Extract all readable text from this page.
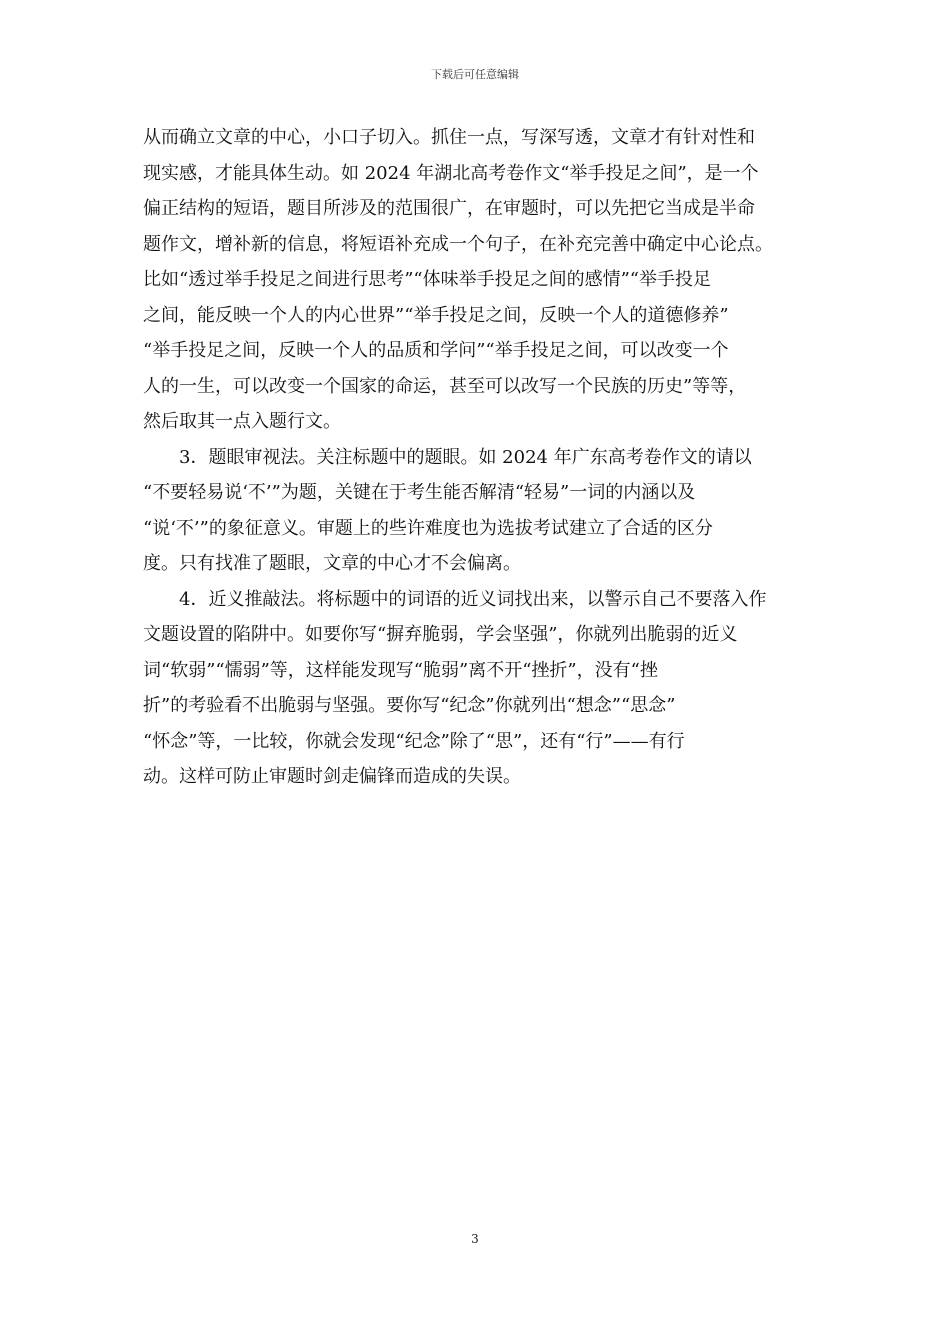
下载后可任意编辑

从而确立文章的中心，小口子切入。抓住一点，写深写透，文章才有针对性和
现实感，才能具体生动。如 2024 年湖北高考卷作文“举手投足之间”，是一个
偏正结构的短语，题目所涉及的范围很广，在审题时，可以先把它当成是半命
题作文，增补新的信息，将短语补充成一个句子，在补充完善中确定中心论点。
比如“透过举手投足之间进行思考”“体味举手投足之间的感情”“举手投足
之间，能反映一个人的内心世界”“举手投足之间，反映一个人的道德修养”
“举手投足之间，反映一个人的品质和学问”“举手投足之间，可以改变一个
人的一生，可以改变一个国家的命运，甚至可以改写一个民族的历史”等等，
然后取其一点入题行文。

3．题眼审视法。关注标题中的题眼。如 2024 年广东高考卷作文的请以
“不要轻易说‘不’”为题，关键在于考生能否解清“轻易”一词的内涵以及
“说‘不’”的象征意义。审题上的些许难度也为选拔考试建立了合适的区分
度。只有找准了题眼，文章的中心才不会偏离。

4．近义推敲法。将标题中的词语的近义词找出来，以警示自己不要落入作
文题设置的陷阱中。如要你写“摒弃脆弱，学会坚强”，你就列出脆弱的近义
词“软弱”“懦弱”等，这样能发现写“脆弱”离不开“挫折”，没有“挫
折”的考验看不出脆弱与坚强。要你写“纪念”你就列出“想念”“思念”
“怀念”等，一比较，你就会发现“纪念”除了“思”，还有“行”——有行
动。这样可防止审题时剑走偏锋而造成的失误。

3
